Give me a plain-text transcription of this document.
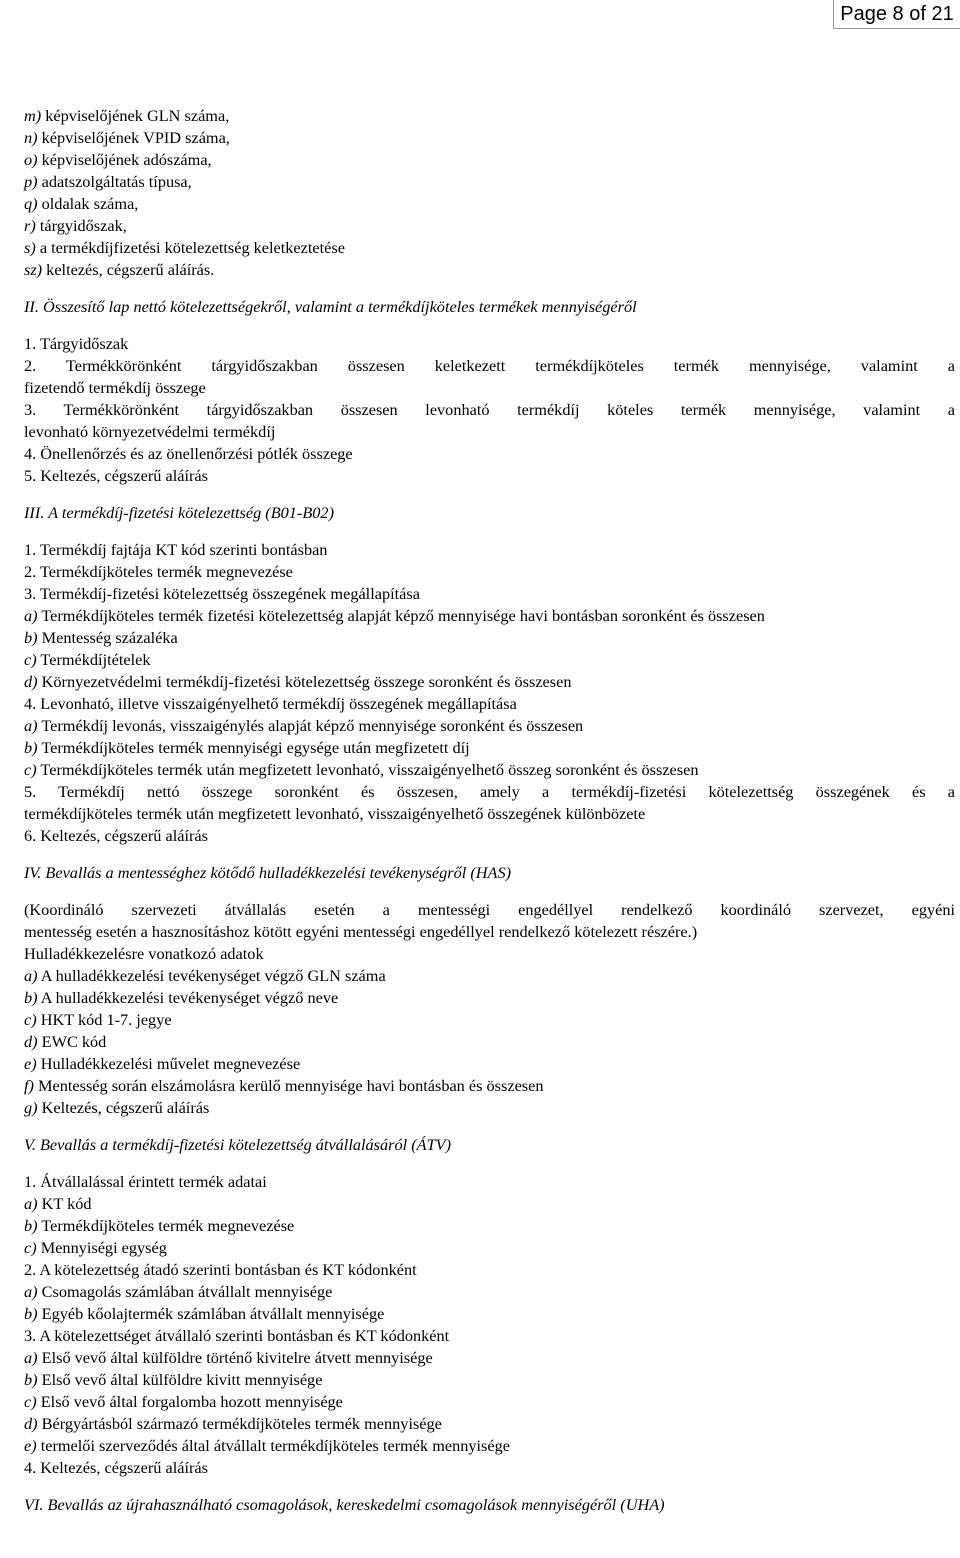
Page 8 of 21

m) képviselőjének GLN száma,

n) képviselőjének VPID száma,

o) képviselőjének adószáma,

p) adatszolgáltatás típusa,

q) oldalak száma,

r) tárgyidőszak,

s) a termékdíjfizetési kötelezettség keletkeztetése

sz) keltezés, cégszerű aláírás.

II. Összesítő lap nettó kötelezettségekről, valamint a termékdíjköteles termékek mennyiségéről

1. Tárgyidőszak

2. Termékkörönként tárgyidőszakban összesen keletkezett termékdíjköteles termék mennyisége, valamint a

fizetendő termékdíj összege

3. Termékkörönként tárgyidőszakban összesen levonható termékdíj köteles termék mennyisége, valamint a

levonható környezetvédelmi termékdíj

4. Önellenőrzés és az önellenőrzési pótlék összege

5. Keltezés, cégszerű aláírás

III. A termékdíj-fizetési kötelezettség (B01-B02)

1. Termékdíj fajtája KT kód szerinti bontásban

2. Termékdíjköteles termék megnevezése

3. Termékdíj-fizetési kötelezettség összegének megállapítása

a) Termékdíjköteles termék fizetési kötelezettség alapját képző mennyisége havi bontásban soronként és összesen

b) Mentesség százaléka

c) Termékdíjtételek

d) Környezetvédelmi termékdíj-fizetési kötelezettség összege soronként és összesen

4. Levonható, illetve visszaigényelhető termékdíj összegének megállapítása

a) Termékdíj levonás, visszaigénylés alapját képző mennyisége soronként és összesen

b) Termékdíjköteles termék mennyiségi egysége után megfizetett díj

c) Termékdíjköteles termék után megfizetett levonható, visszaigényelhető összeg soronként és összesen

5. Termékdíj nettó összege soronként és összesen, amely a termékdíj-fizetési kötelezettség összegének és a

termékdíjköteles termék után megfizetett levonható, visszaigényelhető összegének különbözete

6. Keltezés, cégszerű aláírás

IV. Bevallás a mentességhez kötődő hulladékkezelési tevékenységről (HAS)

(Koordináló szervezeti átvállalás esetén a mentességi engedéllyel rendelkező koordináló szervezet, egyéni

mentesség esetén a hasznosításhoz kötött egyéni mentességi engedéllyel rendelkező kötelezett részére.)

Hulladékkezelésre vonatkozó adatok

a) A hulladékkezelési tevékenységet végző GLN száma

b) A hulladékkezelési tevékenységet végző neve

c) HKT kód 1-7. jegye

d) EWC kód

e) Hulladékkezelési művelet megnevezése

f) Mentesség során elszámolásra kerülő mennyisége havi bontásban és összesen

g) Keltezés, cégszerű aláírás

V. Bevallás a termékdíj-fizetési kötelezettség átvállalásáról (ÁTV)

1. Átvállalással érintett termék adatai

a) KT kód

b) Termékdíjköteles termék megnevezése

c) Mennyiségi egység

2. A kötelezettség átadó szerinti bontásban és KT kódonként

a) Csomagolás számlában átvállalt mennyisége

b) Egyéb kőolajtermék számlában átvállalt mennyisége

3. A kötelezettséget átvállaló szerinti bontásban és KT kódonként

a) Első vevő által külföldre történő kivitelre átvett mennyisége

b) Első vevő által külföldre kivitt mennyisége

c) Első vevő által forgalomba hozott mennyisége

d) Bérgyártásból származó termékdíjköteles termék mennyisége

e) termelői szerveződés által átvállalt termékdíjköteles termék mennyisége

4. Keltezés, cégszerű aláírás

VI. Bevallás az újrahasználható csomagolások, kereskedelmi csomagolások mennyiségéről (UHA)
